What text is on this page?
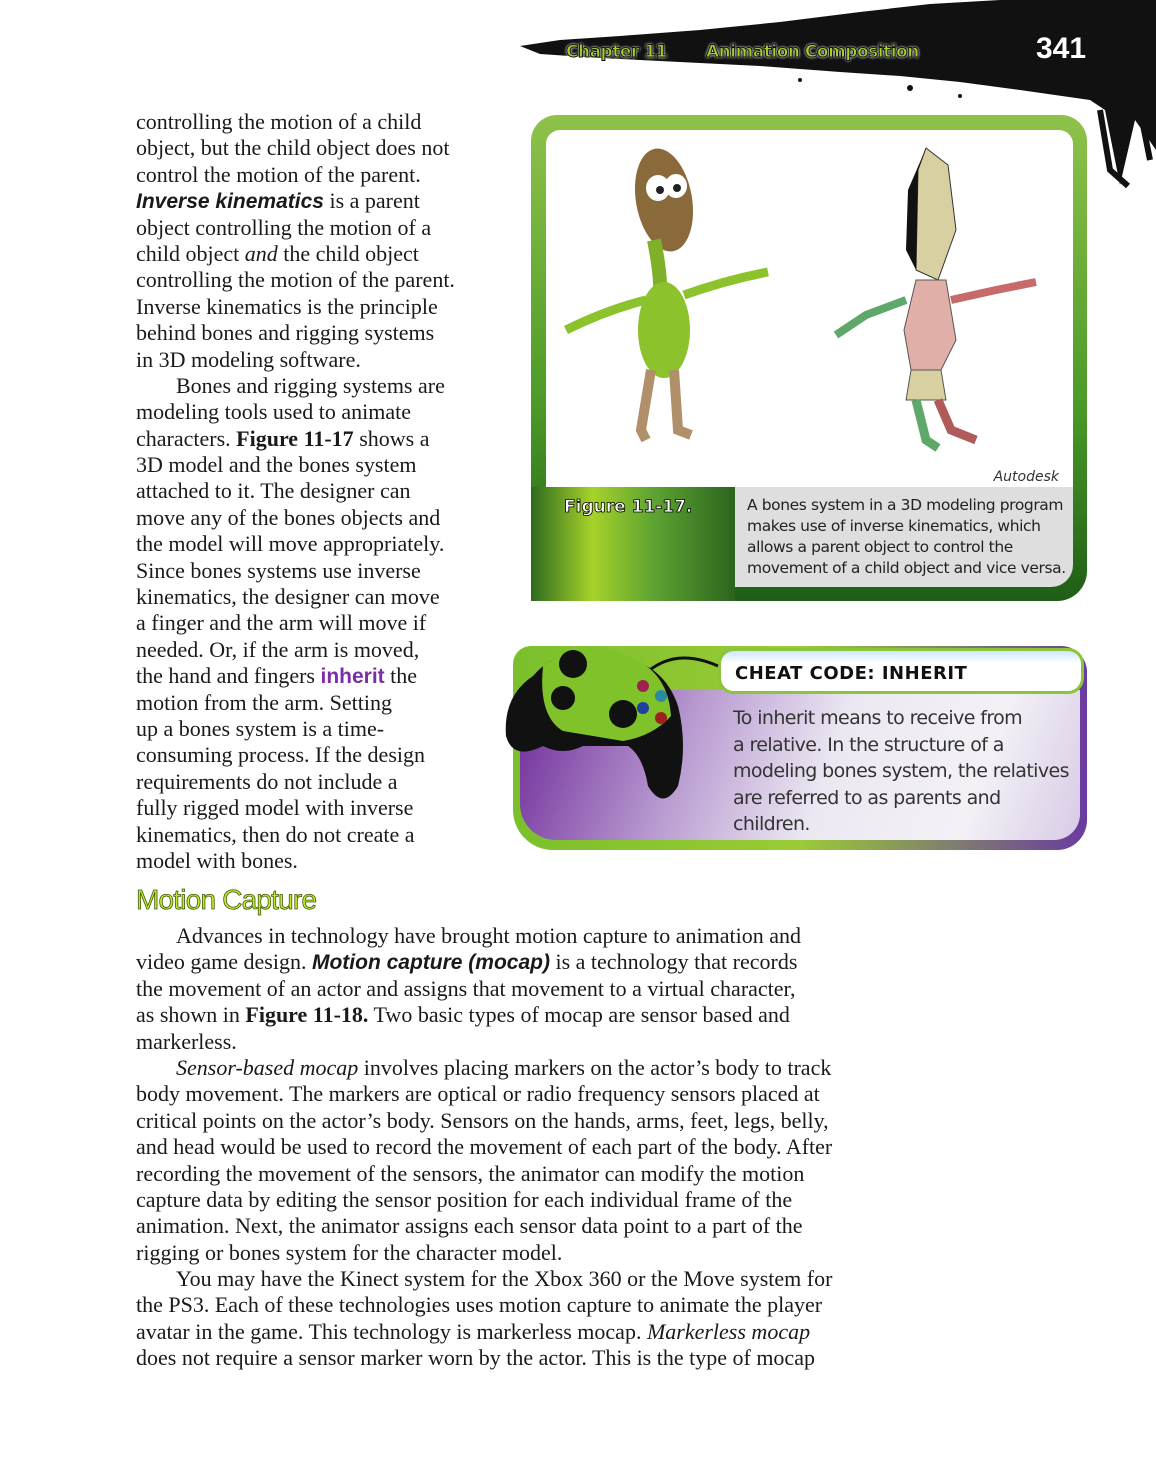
Chapter 11 Animation Composition	341
controlling the motion of a child
object, but the child object does not
control the motion of the parent.
Inverse kinematics is a parent
object controlling the motion of a
child object and the child object
controlling the motion of the parent.
Inverse kinematics is the principle
behind bones and rigging systems
in 3D modeling software.
Bones and rigging systems are
modeling tools used to animate
characters. Figure 11-17 shows a
3D model and the bones system
attached to it. The designer can
move any of the bones objects and
the model will move appropriately.
Since bones systems use inverse
kinematics, the designer can move
a finger and the arm will move if
needed. Or, if the arm is moved,
the hand and fingers inherit the
motion from the arm. Setting
up a bones system is a time-
consuming process. If the design
requirements do not include a
fully rigged model with inverse
kinematics, then do not create a
model with bones.
Motion Capture
Advances in technology have brought motion capture to animation and
video game design. Motion capture (mocap) is a technology that records
the movement of an actor and assigns that movement to a virtual character,
as shown in Figure 11-18. Two basic types of mocap are sensor based and
markerless.
Sensor-based mocap involves placing markers on the actor’s body to track
body movement. The markers are optical or radio frequency sensors placed at
critical points on the actor’s body. Sensors on the hands, arms, feet, legs, belly,
and head would be used to record the movement of each part of the body. After
recording the movement of the sensors, the animator can modify the motion
capture data by editing the sensor position for each individual frame of the
animation. Next, the animator assigns each sensor data point to a part of the
rigging or bones system for the character model.
You may have the Kinect system for the Xbox 360 or the Move system for
the PS3. Each of these technologies uses motion capture to animate the player
avatar in the game. This technology is markerless mocap. Markerless mocap
does not require a sensor marker worn by the actor. This is the type of mocap
Autodesk
Figure 11-17.	A bones system in a 3D modeling program
makes use of inverse kinematics, which
allows a parent object to control the
movement of a child object and vice versa.
CHEAT CODE: INHERIT
To inherit means to receive from
a relative. In the structure of a
modeling bones system, the relatives
are referred to as parents and
children.
